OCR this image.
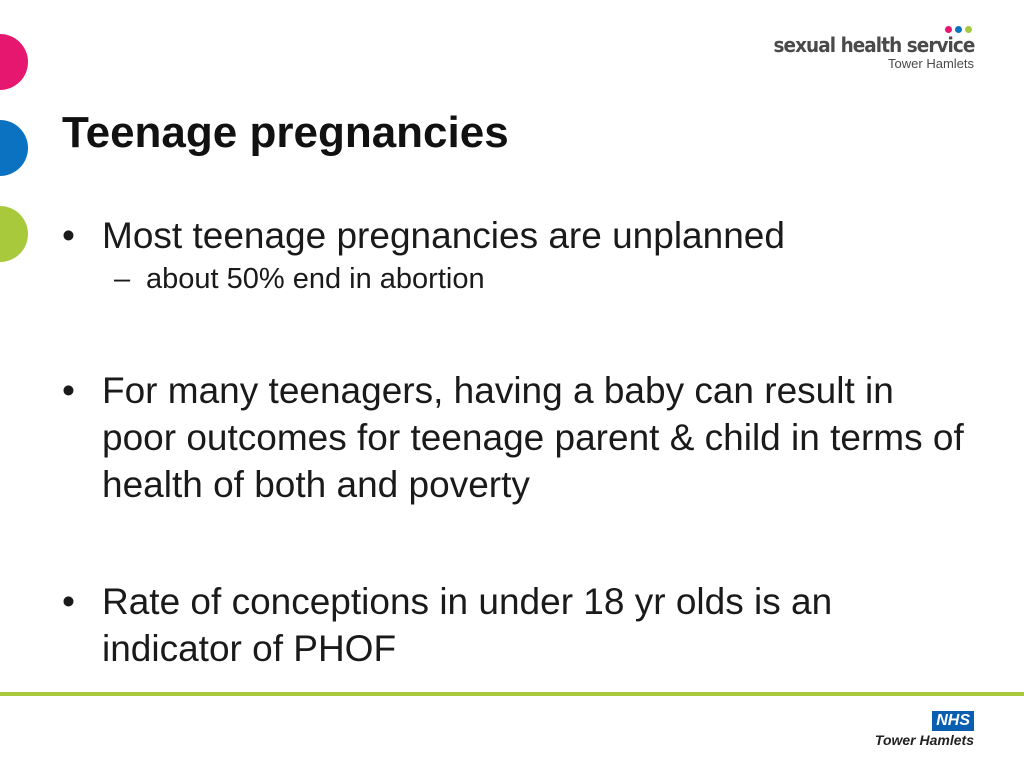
sexual health service
Tower Hamlets
Teenage pregnancies
• Most teenage pregnancies are unplanned
– about 50% end in abortion
• For many teenagers, having a baby can result in poor outcomes for teenage parent & child in terms of health of both and poverty
• Rate of conceptions in under 18 yr olds is an indicator of PHOF
NHS
Tower Hamlets
